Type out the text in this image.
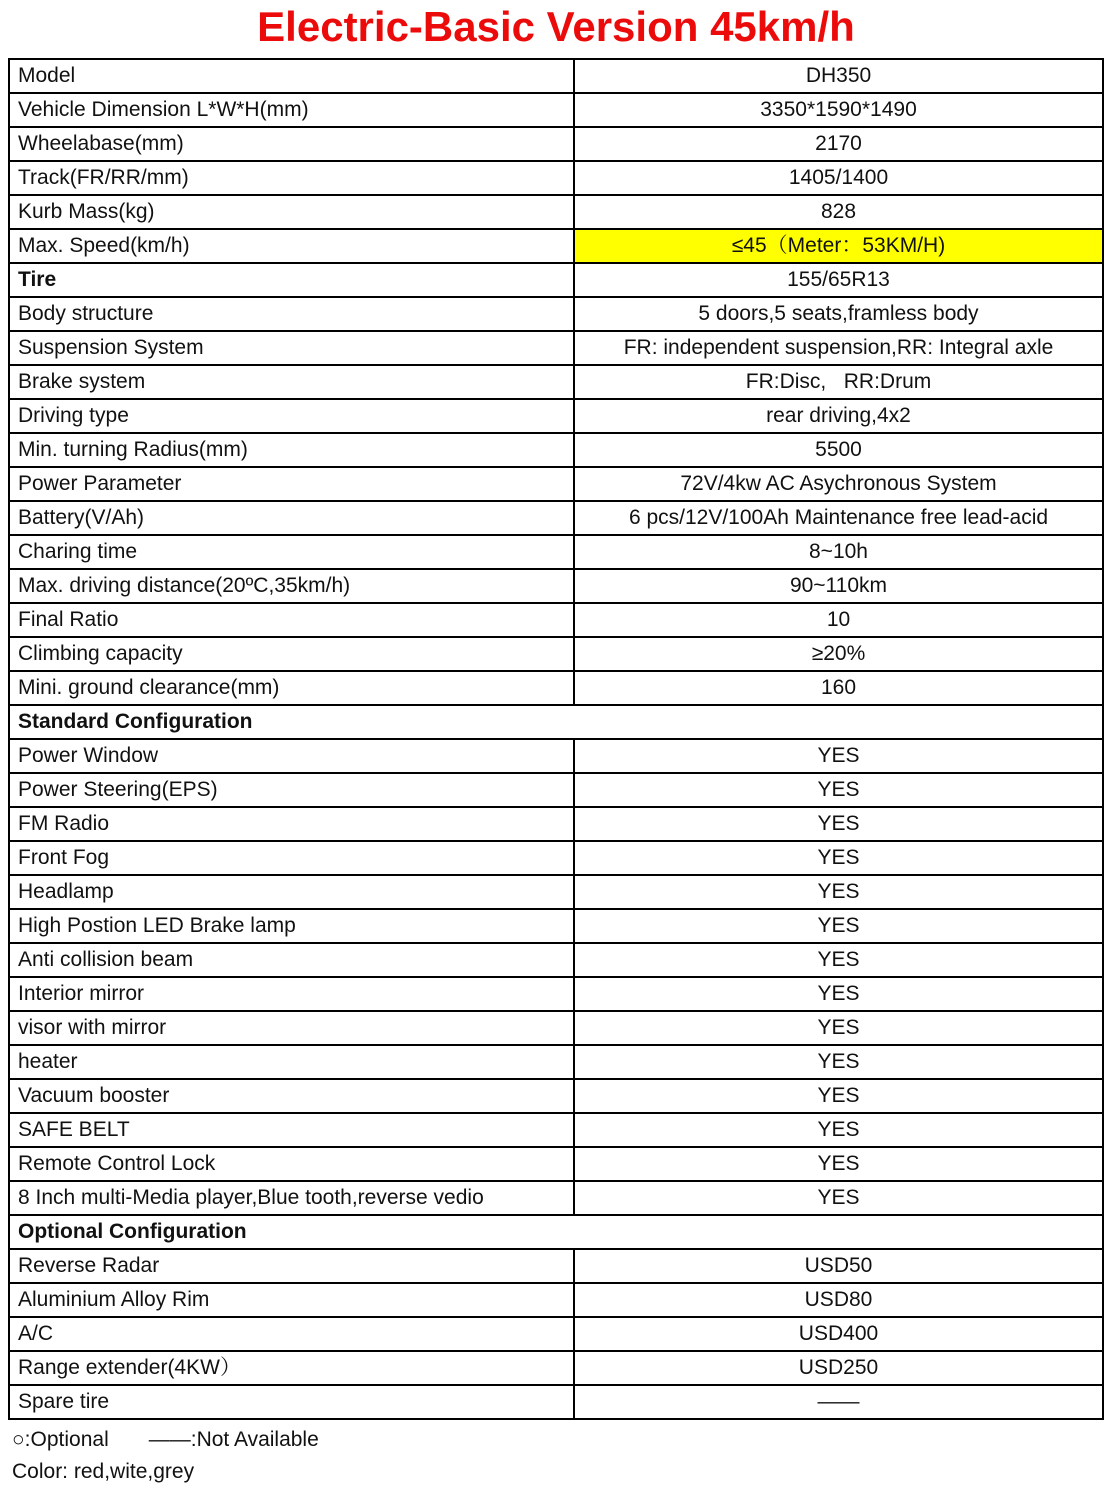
Electric-Basic Version 45km/h
Model	DH350
Vehicle Dimension L*W*H(mm)	3350*1590*1490
Wheelabase(mm)	2170
Track(FR/RR/mm)	1405/1400
Kurb Mass(kg)	828
Max. Speed(km/h)	≤45（Meter：53KM/H)
Tire	155/65R13
Body structure	5 doors,5 seats,framless body
Suspension System	FR: independent suspension,RR: Integral axle
Brake system	FR:Disc,   RR:Drum
Driving type	rear driving,4x2
Min. turning Radius(mm)	5500
Power Parameter	72V/4kw AC Asychronous System
Battery(V/Ah)	6 pcs/12V/100Ah Maintenance free lead-acid
Charing time	8~10h
Max. driving distance(20ºC,35km/h)	90~110km
Final Ratio	10
Climbing capacity	≥20%
Mini. ground clearance(mm)	160
Standard Configuration	
Power Window	YES
Power Steering(EPS)	YES
FM Radio	YES
Front Fog	YES
Headlamp	YES
High Postion LED Brake lamp	YES
Anti collision beam	YES
Interior mirror	YES
visor with mirror	YES
heater	YES
Vacuum booster	YES
SAFE BELT	YES
Remote Control Lock	YES
8 Inch multi-Media player,Blue tooth,reverse vedio	YES
Optional Configuration	
Reverse Radar	USD50
Aluminium Alloy Rim	USD80
A/C	USD400
Range extender(4KW）	USD250
Spare tire	——
○:Optional ——:Not Available
Color: red,wite,grey
